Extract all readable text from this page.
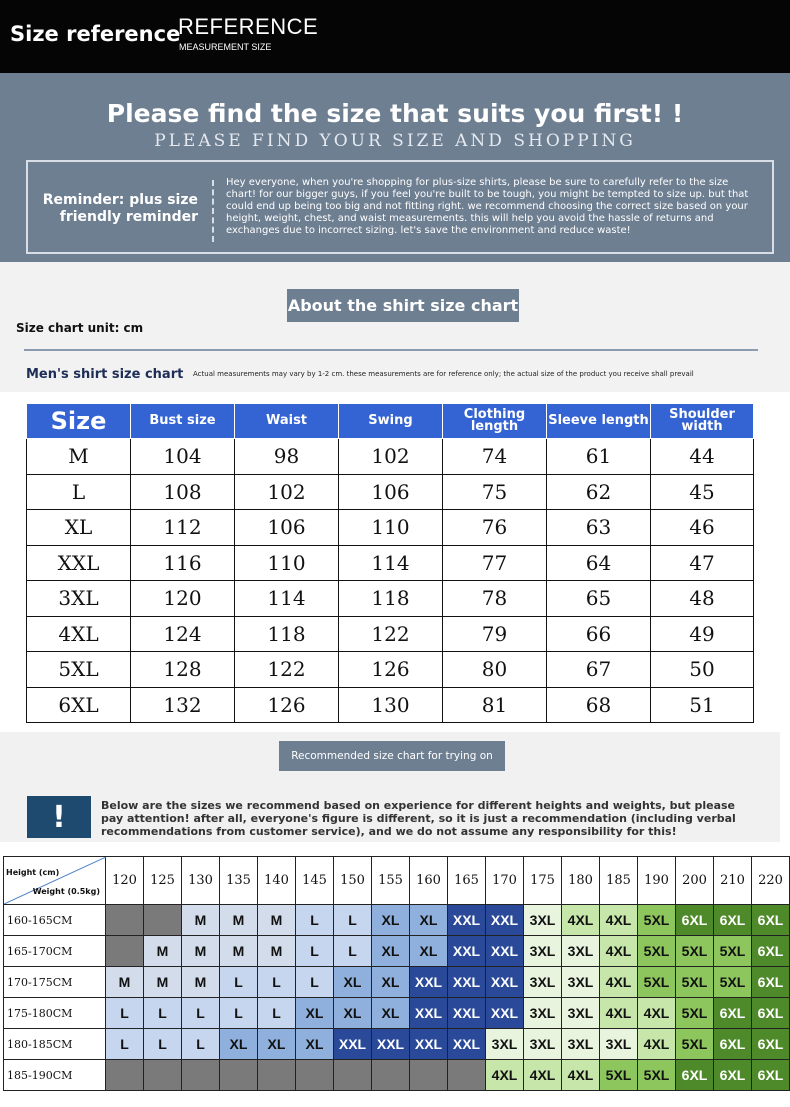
Size reference
REFERENCE
MEASUREMENT SIZE
Please find the size that suits you first! !
PLEASE FIND YOUR SIZE AND SHOPPING
Reminder: plus size friendly reminder
Hey everyone, when you're shopping for plus-size shirts, please be sure to carefully refer to the size chart! for our bigger guys, if you feel you're built to be tough, you might be tempted to size up. but that could end up being too big and not fitting right. we recommend choosing the correct size based on your height, weight, chest, and waist measurements. this will help you avoid the hassle of returns and exchanges due to incorrect sizing. let's save the environment and reduce waste!
About the shirt size chart
Size chart unit: cm
Men's shirt size chart Actual measurements may vary by 1-2 cm. these measurements are for reference only; the actual size of the product you receive shall prevail
Size	Bust size	Waist	Swing	Clothing length	Sleeve length	Shoulder width
M	104	98	102	74	61	44
L	108	102	106	75	62	45
XL	112	106	110	76	63	46
XXL	116	110	114	77	64	47
3XL	120	114	118	78	65	48
4XL	124	118	122	79	66	49
5XL	128	122	126	80	67	50
6XL	132	126	130	81	68	51
Recommended size chart for trying on
!	Below are the sizes we recommend based on experience for different heights and weights, but please pay attention! after all, everyone's figure is different, so it is just a recommendation (including verbal recommendations from customer service), and we do not assume any responsibility for this!
Height (cm)
Weight (0.5kg)	120	125	130	135	140	145	150	155	160	165	170	175	180	185	190	200	210	220
160-165CM			M	M	M	L	L	XL	XL	XXL	XXL	3XL	4XL	4XL	5XL	6XL	6XL	6XL
165-170CM		M	M	M	M	L	L	XL	XL	XXL	XXL	3XL	3XL	4XL	5XL	5XL	5XL	6XL
170-175CM	M	M	M	L	L	L	XL	XL	XXL	XXL	XXL	3XL	3XL	4XL	5XL	5XL	5XL	6XL
175-180CM	L	L	L	L	L	XL	XL	XL	XXL	XXL	XXL	3XL	3XL	4XL	4XL	5XL	6XL	6XL
180-185CM	L	L	L	XL	XL	XL	XXL	XXL	XXL	XXL	3XL	3XL	3XL	3XL	4XL	5XL	6XL	6XL
185-190CM											4XL	4XL	4XL	5XL	5XL	6XL	6XL	6XL
